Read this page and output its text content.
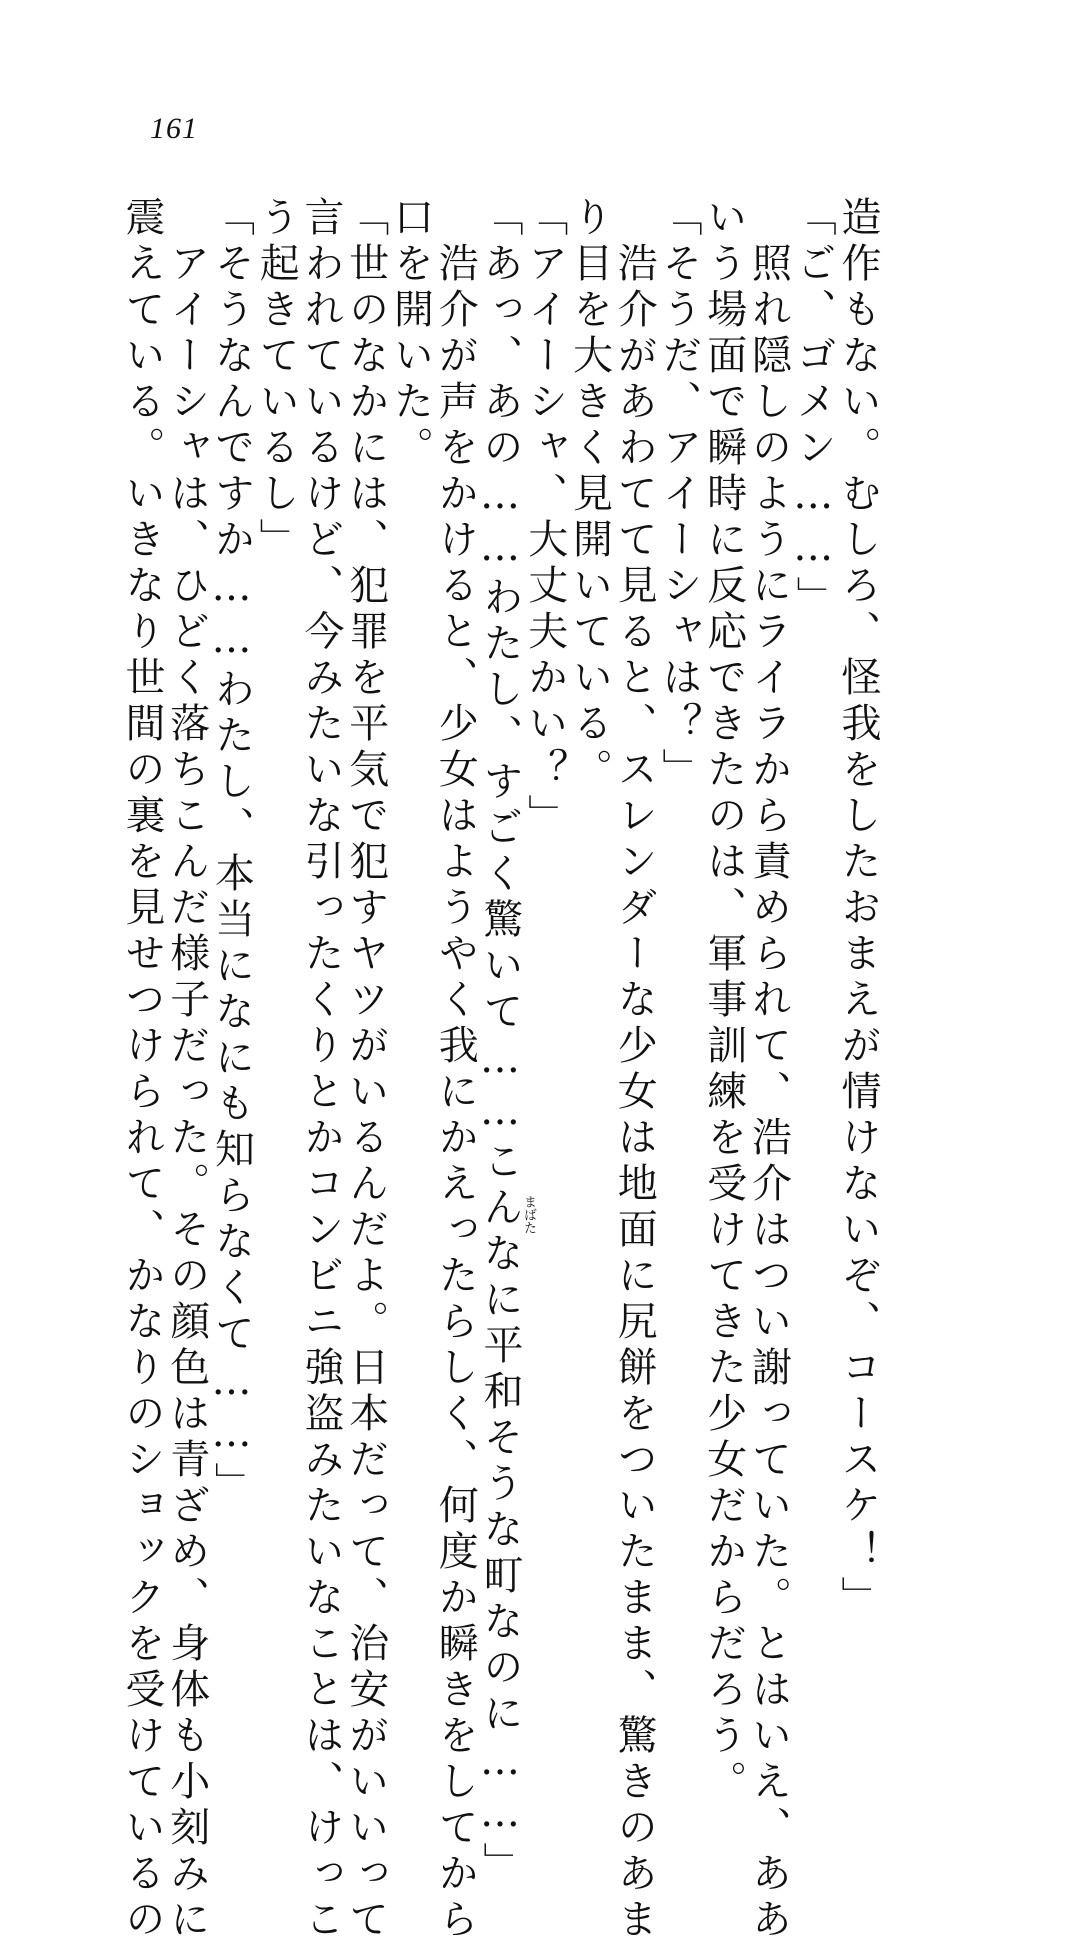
161
造作もない。むしろ、怪我をしたおまえが情けないぞ、コースケ！」
「ご、ゴメン……」
　照れ隠しのようにライラから責められて、浩介はつい謝っていた。とはいえ、ああ
いう場面で瞬時に反応できたのは、軍事訓練を受けてきた少女だからだろう。
「そうだ、アイーシャは？」
　浩介があわてて見ると、スレンダーな少女は地面に尻餅をついたまま、驚きのあま
り目を大きく見開いている。
「アイーシャ、大丈夫かい？」
「あっ、あの……わたし、すごく驚いて……こんなに平和そうな町なのに……」
　浩介が声をかけると、少女はようやく我にかえったらしく、何度か瞬きをしてから
口を開いた。
「世のなかには、犯罪を平気で犯すヤツがいるんだよ。日本だって、治安がいいって
言われているけど、今みたいな引ったくりとかコンビニ強盗みたいなことは、けっこ
う起きているし」
「そうなんですか……わたし、本当になにも知らなくて……」
　アイーシャは、ひどく落ちこんだ様子だった。その顔色は青ざめ、身体も小刻みに
震えている。いきなり世間の裏を見せつけられて、かなりのショックを受けているの	まばた
